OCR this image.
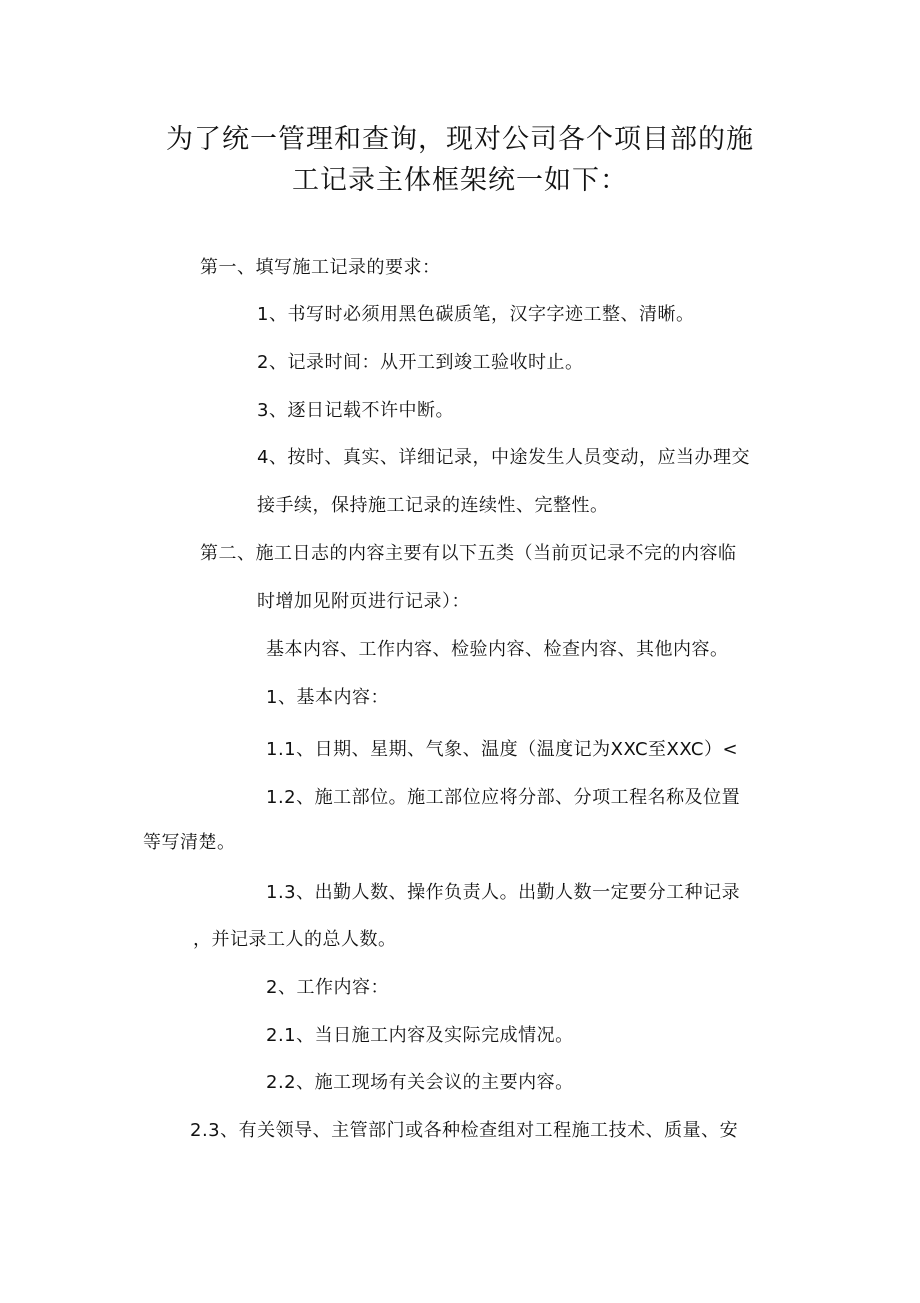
为了统一管理和查询，现对公司各个项目部的施
工记录主体框架统一如下：
第一、填写施工记录的要求：
1、书写时必须用黑色碳质笔，汉字字迹工整、清晰。
2、记录时间：从开工到竣工验收时止。
3、逐日记载不许中断。
4、按时、真实、详细记录，中途发生人员变动，应当办理交
接手续，保持施工记录的连续性、完整性。
第二、施工日志的内容主要有以下五类（当前页记录不完的内容临
时增加见附页进行记录）：
基本内容、工作内容、检验内容、检查内容、其他内容。
1、基本内容：
1.1、日期、星期、气象、温度（温度记为XXC至XXC）<
1.2、施工部位。施工部位应将分部、分项工程名称及位置
等写清楚。
1.3、出勤人数、操作负责人。出勤人数一定要分工种记录
，并记录工人的总人数。
2、工作内容：
2.1、当日施工内容及实际完成情况。
2.2、施工现场有关会议的主要内容。
2.3、有关领导、主管部门或各种检查组对工程施工技术、质量、安
